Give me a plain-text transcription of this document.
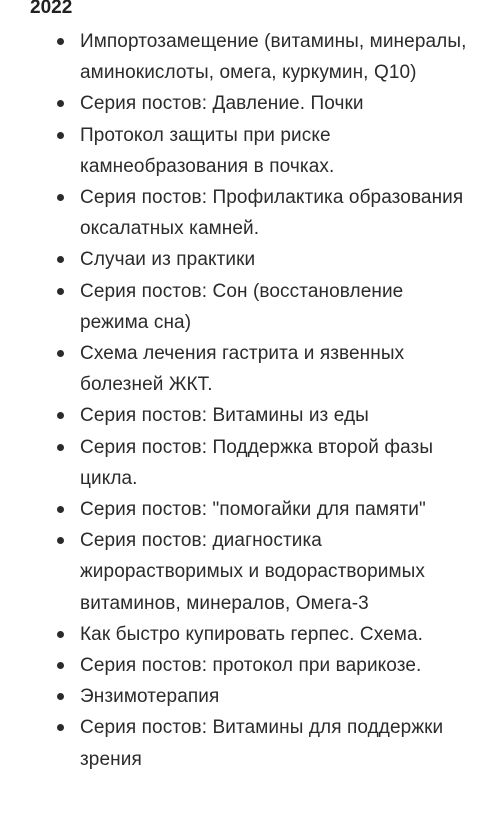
2022
Импортозамещение (витамины, минералы, аминокислоты, омега, куркумин, Q10)
Серия постов: Давление. Почки
Протокол защиты при риске камнеобразования в почках.
Серия постов: Профилактика образования оксалатных камней.
Случаи из практики
Серия постов: Сон (восстановление режима сна)
Схема лечения гастрита и язвенных болезней ЖКТ.
Серия постов: Витамины из еды
Серия постов: Поддержка второй фазы цикла.
Серия постов: "помогайки для памяти"
Серия постов: диагностика жирорастворимых и водорастворимых витаминов, минералов, Омега-3
Как быстро купировать герпес. Схема.
Серия постов: протокол при варикозе.
Энзимотерапия
Серия постов: Витамины для поддержки зрения
